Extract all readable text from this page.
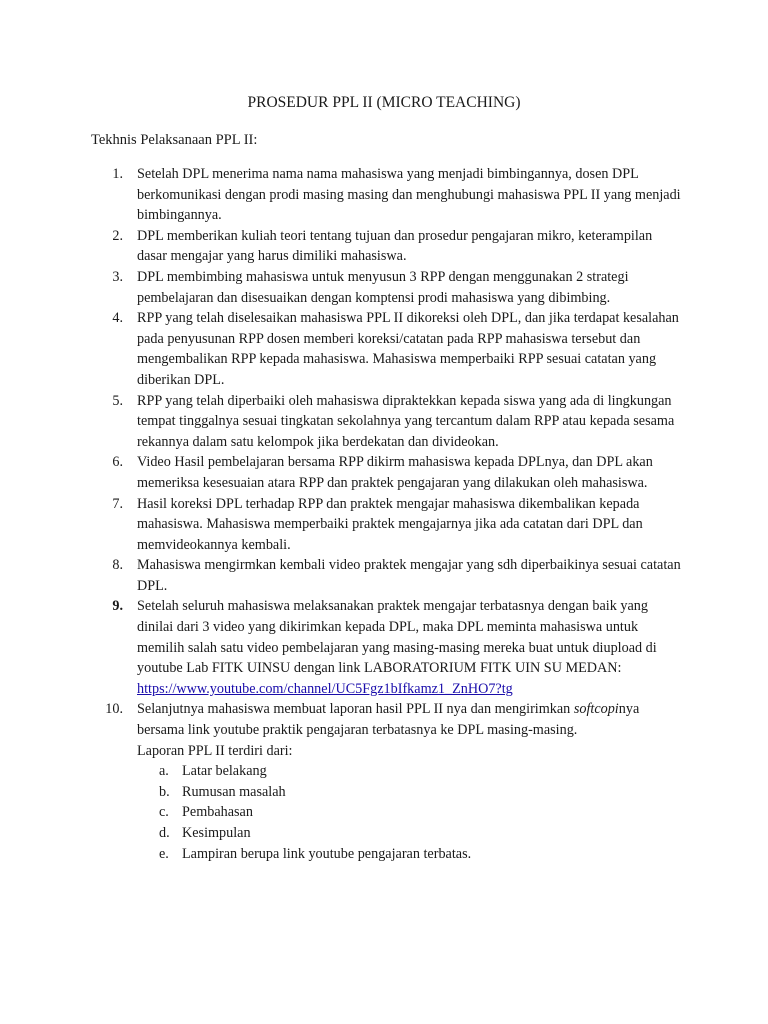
PROSEDUR PPL II (MICRO TEACHING)
Tekhnis Pelaksanaan PPL II:
1. Setelah DPL menerima nama nama mahasiswa yang menjadi bimbingannya, dosen DPL berkomunikasi dengan prodi masing masing dan menghubungi mahasiswa PPL II yang menjadi bimbingannya.
2. DPL memberikan kuliah teori tentang tujuan dan prosedur pengajaran mikro, keterampilan dasar mengajar yang harus dimiliki mahasiswa.
3. DPL membimbing mahasiswa untuk menyusun 3 RPP dengan menggunakan 2 strategi pembelajaran dan disesuaikan dengan komptensi prodi mahasiswa yang dibimbing.
4. RPP yang telah diselesaikan mahasiswa PPL II dikoreksi oleh DPL, dan jika terdapat kesalahan pada penyusunan RPP dosen memberi koreksi/catatan pada RPP mahasiswa tersebut dan mengembalikan RPP kepada mahasiswa. Mahasiswa memperbaiki RPP sesuai catatan yang diberikan DPL.
5. RPP yang telah diperbaiki oleh mahasiswa dipraktekkan kepada siswa yang ada di lingkungan tempat tinggalnya sesuai tingkatan sekolahnya yang tercantum dalam RPP atau kepada sesama rekannya dalam satu kelompok jika berdekatan dan divideokan.
6. Video Hasil pembelajaran bersama RPP dikirm mahasiswa kepada DPLnya, dan DPL akan memeriksa kesesuaian atara RPP dan praktek pengajaran yang dilakukan oleh mahasiswa.
7. Hasil koreksi DPL terhadap RPP dan praktek mengajar mahasiswa dikembalikan kepada mahasiswa. Mahasiswa memperbaiki praktek mengajarnya jika ada catatan dari DPL dan memvideokannya kembali.
8. Mahasiswa mengirmkan kembali video praktek mengajar yang sdh diperbaikinya sesuai catatan DPL.
9. Setelah seluruh mahasiswa melaksanakan praktek mengajar terbatasnya dengan baik yang dinilai dari 3 video yang dikirimkan kepada DPL, maka DPL meminta mahasiswa untuk memilih salah satu video pembelajaran yang masing-masing mereka buat untuk diupload di youtube Lab FITK UINSU dengan link LABORATORIUM FITK UIN SU MEDAN: https://www.youtube.com/channel/UC5Fgz1bIfkamz1_ZnHO7?tg
10. Selanjutnya mahasiswa membuat laporan hasil PPL II nya dan mengirimkan softcopinya bersama link youtube praktik pengajaran terbatasnya ke DPL masing-masing.
Laporan PPL II terdiri dari:
a. Latar belakang
b. Rumusan masalah
c. Pembahasan
d. Kesimpulan
e. Lampiran berupa link youtube pengajaran terbatas.
